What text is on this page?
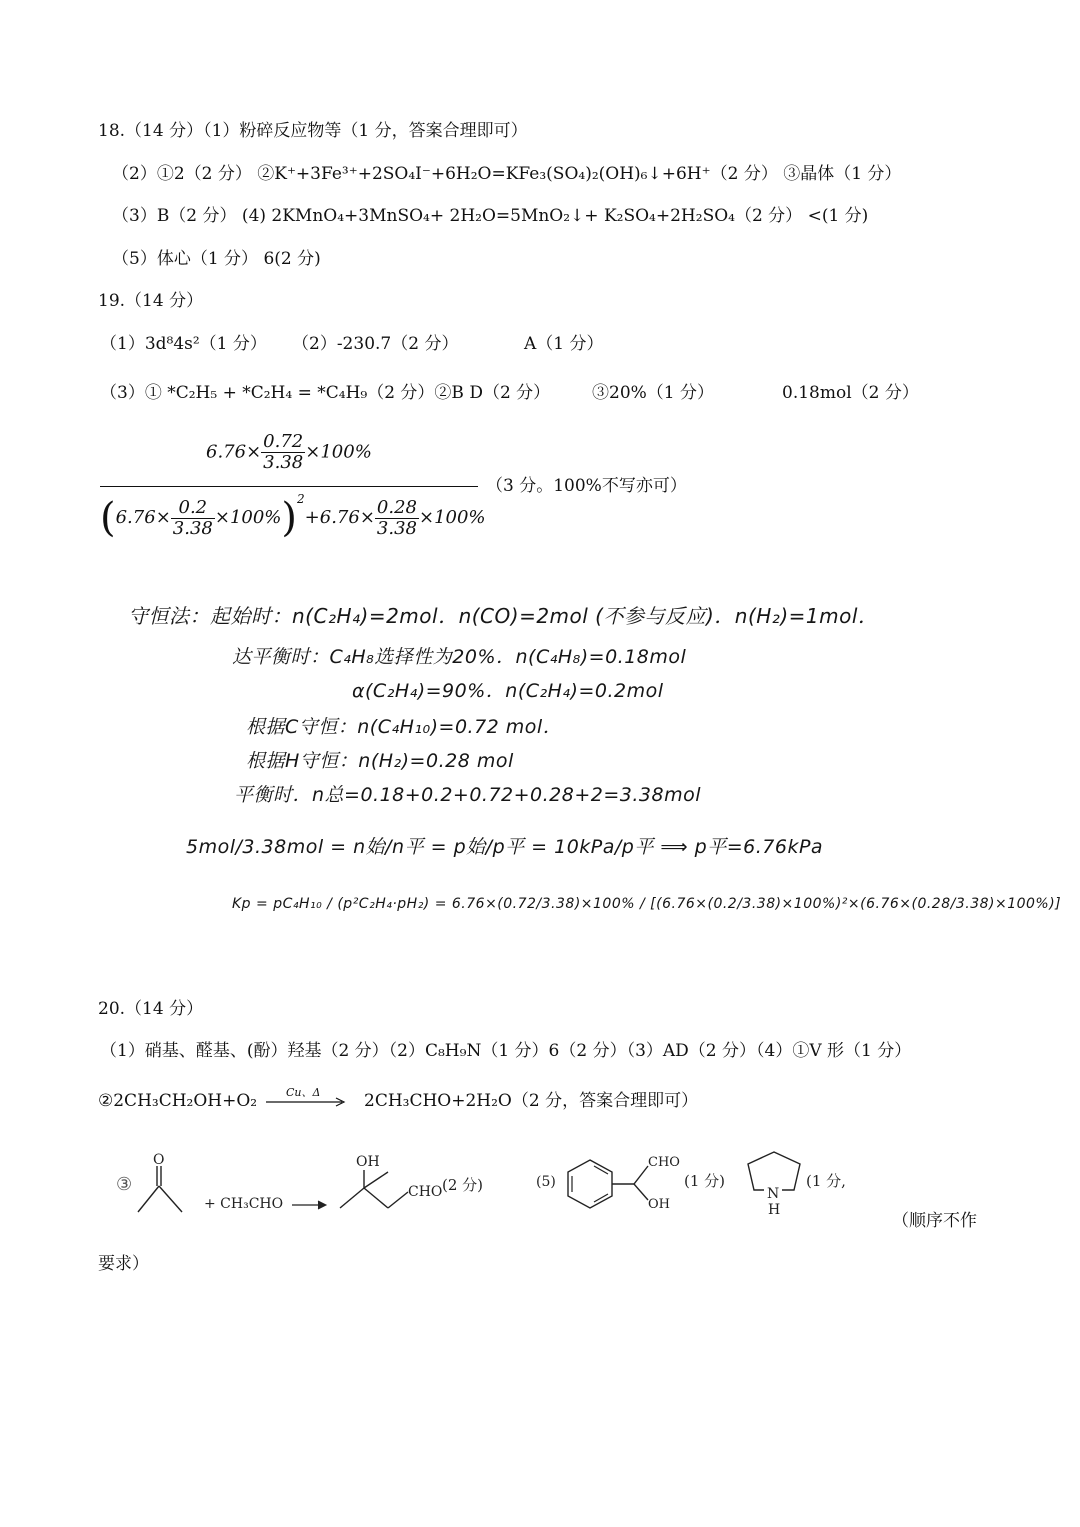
18.（14 分）（1）粉碎反应物等（1 分，答案合理即可）
（2）①2（2 分） ②K⁺+3Fe³⁺+2SO₄I⁻+6H₂O=KFe₃(SO₄)₂(OH)₆↓+6H⁺（2 分） ③晶体（1 分）
（3）B（2 分） (4) 2KMnO₄+3MnSO₄+ 2H₂O=5MnO₂↓+ K₂SO₄+2H₂SO₄（2 分） <(1 分)
（5）体心（1 分） 6(2 分)
19.（14 分）
（1）3d⁸4s²（1 分） （2）-230.7（2 分）	A（1 分）
（3）① *C₂H₅ + *C₂H₄ = *C₄H₉（2 分）②B D（2 分） ③20%（1 分）	0.18mol（2 分）
$6.76\times \frac{0.72}{3.38} \times 100\%$
$(6.76\times \frac{0.2}{3.38} \times 100\%)^2+6.76\times \frac{0.28}{3.38} \times 100\%$
（3 分。100%不写亦可）
守恒法：起始时：n(C₂H₄)=2mol．n(CO)=2mol (不参与反应)．n(H₂)=1mol．
达平衡时：C₄H₈选择性为20%．n(C₄H₈)=0.18mol
α(C₂H₄)=90%．n(C₂H₄)=0.2mol
根据C守恒：n(C₄H₁₀)=0.72 mol．
根据H守恒：n(H₂)=0.28 mol
平衡时．n总=0.18+0.2+0.72+0.28+2=3.38mol
5mol/3.38mol = n始/n平 = p始/p平 = 10kPa/p平 ⟹ p平=6.76kPa
Kp = pC₄H₁₀ / (p²C₂H₄·pH₂) = 6.76×(0.72/3.38)×100% / [(6.76×(0.2/3.38)×100%)²×(6.76×(0.28/3.38)×100%)]
20.（14 分）
（1）硝基、醛基、(酚）羟基（2 分）（2）C₈H₉N（1 分）6（2 分）（3）AD（2 分）（4）①V 形（1 分）
②2CH₃CH₂OH+O₂	Cu、Δ	2CH₃CHO+2H₂O（2 分，答案合理即可）
③
O
+ CH₃CHO
OH
CHO (2 分)	(5)
CHO
OH
(1 分)
N
H
(1 分,
（顺序不作
要求）
